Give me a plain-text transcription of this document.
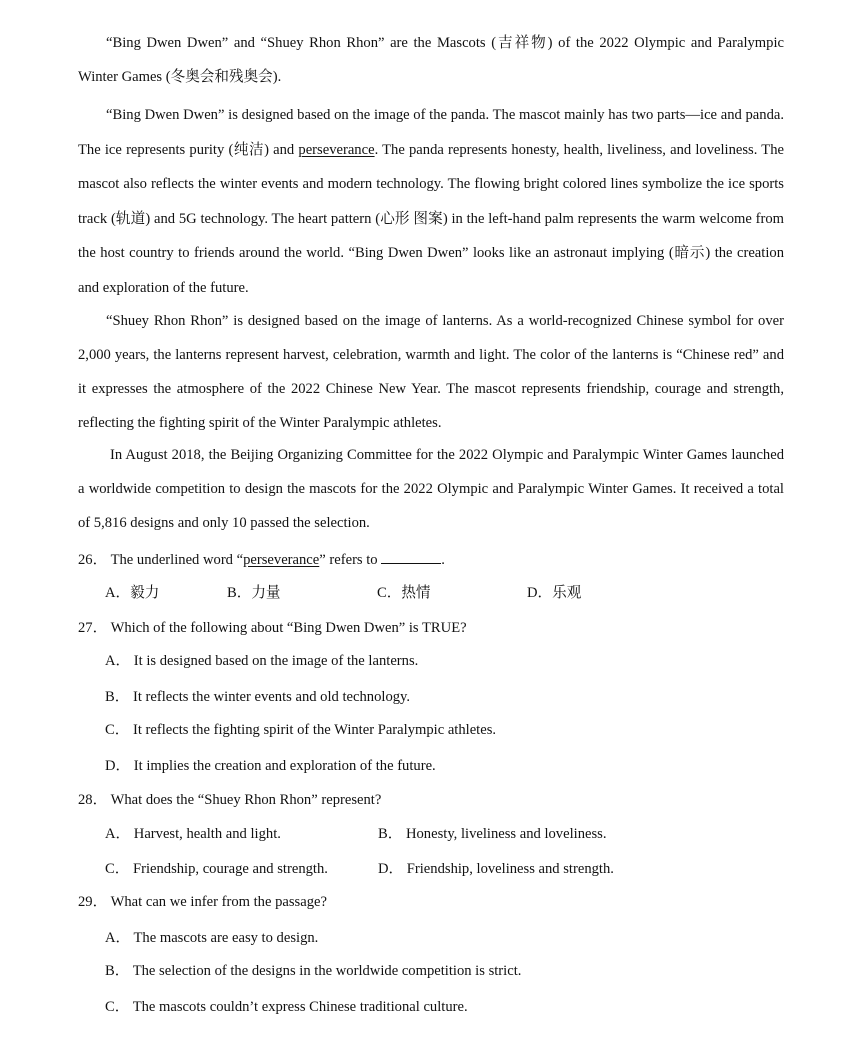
“Bing Dwen Dwen” and “Shuey Rhon Rhon” are the Mascots (吉祥物) of the 2022 Olympic and Paralympic Winter Games (冬奥会和残奥会).

“Bing Dwen Dwen” is designed based on the image of the panda. The mascot mainly has two parts—ice and panda. The ice represents purity (纯洁) and perseverance. The panda represents honesty, health, liveliness, and loveliness. The mascot also reflects the winter events and modern technology. The flowing bright colored lines symbolize the ice sports track (轨道) and 5G technology. The heart pattern (心形 图案) in the left-hand palm represents the warm welcome from the host country to friends around the world. “Bing Dwen Dwen” looks like an astronaut implying (暗示) the creation and exploration of the future.

“Shuey Rhon Rhon” is designed based on the image of lanterns. As a world-recognized Chinese symbol for over 2,000 years, the lanterns represent harvest, celebration, warmth and light. The color of the lanterns is “Chinese red” and it expresses the atmosphere of the 2022 Chinese New Year. The mascot represents friendship, courage and strength, reflecting the fighting spirit of the Winter Paralympic athletes.

In August 2018, the Beijing Organizing Committee for the 2022 Olympic and Paralympic Winter Games launched a worldwide competition to design the mascots for the 2022 Olympic and Paralympic Winter Games. It received a total of 5,816 designs and only 10 passed the selection.

26． The underlined word “perseverance” refers to	.
A．毅力	B．力量	C．热情	D．乐观
27． Which of the following about “Bing Dwen Dwen” is TRUE?
A． It is designed based on the image of the lanterns.
B． It reflects the winter events and old technology.
C． It reflects the fighting spirit of the Winter Paralympic athletes.
D． It implies the creation and exploration of the future.
28． What does the “Shuey Rhon Rhon” represent?
A． Harvest, health and light.	B． Honesty, liveliness and loveliness.
C． Friendship, courage and strength.	D． Friendship, loveliness and strength.
29． What can we infer from the passage?
A． The mascots are easy to design.
B． The selection of the designs in the worldwide competition is strict.
C． The mascots couldn’t express Chinese traditional culture.
